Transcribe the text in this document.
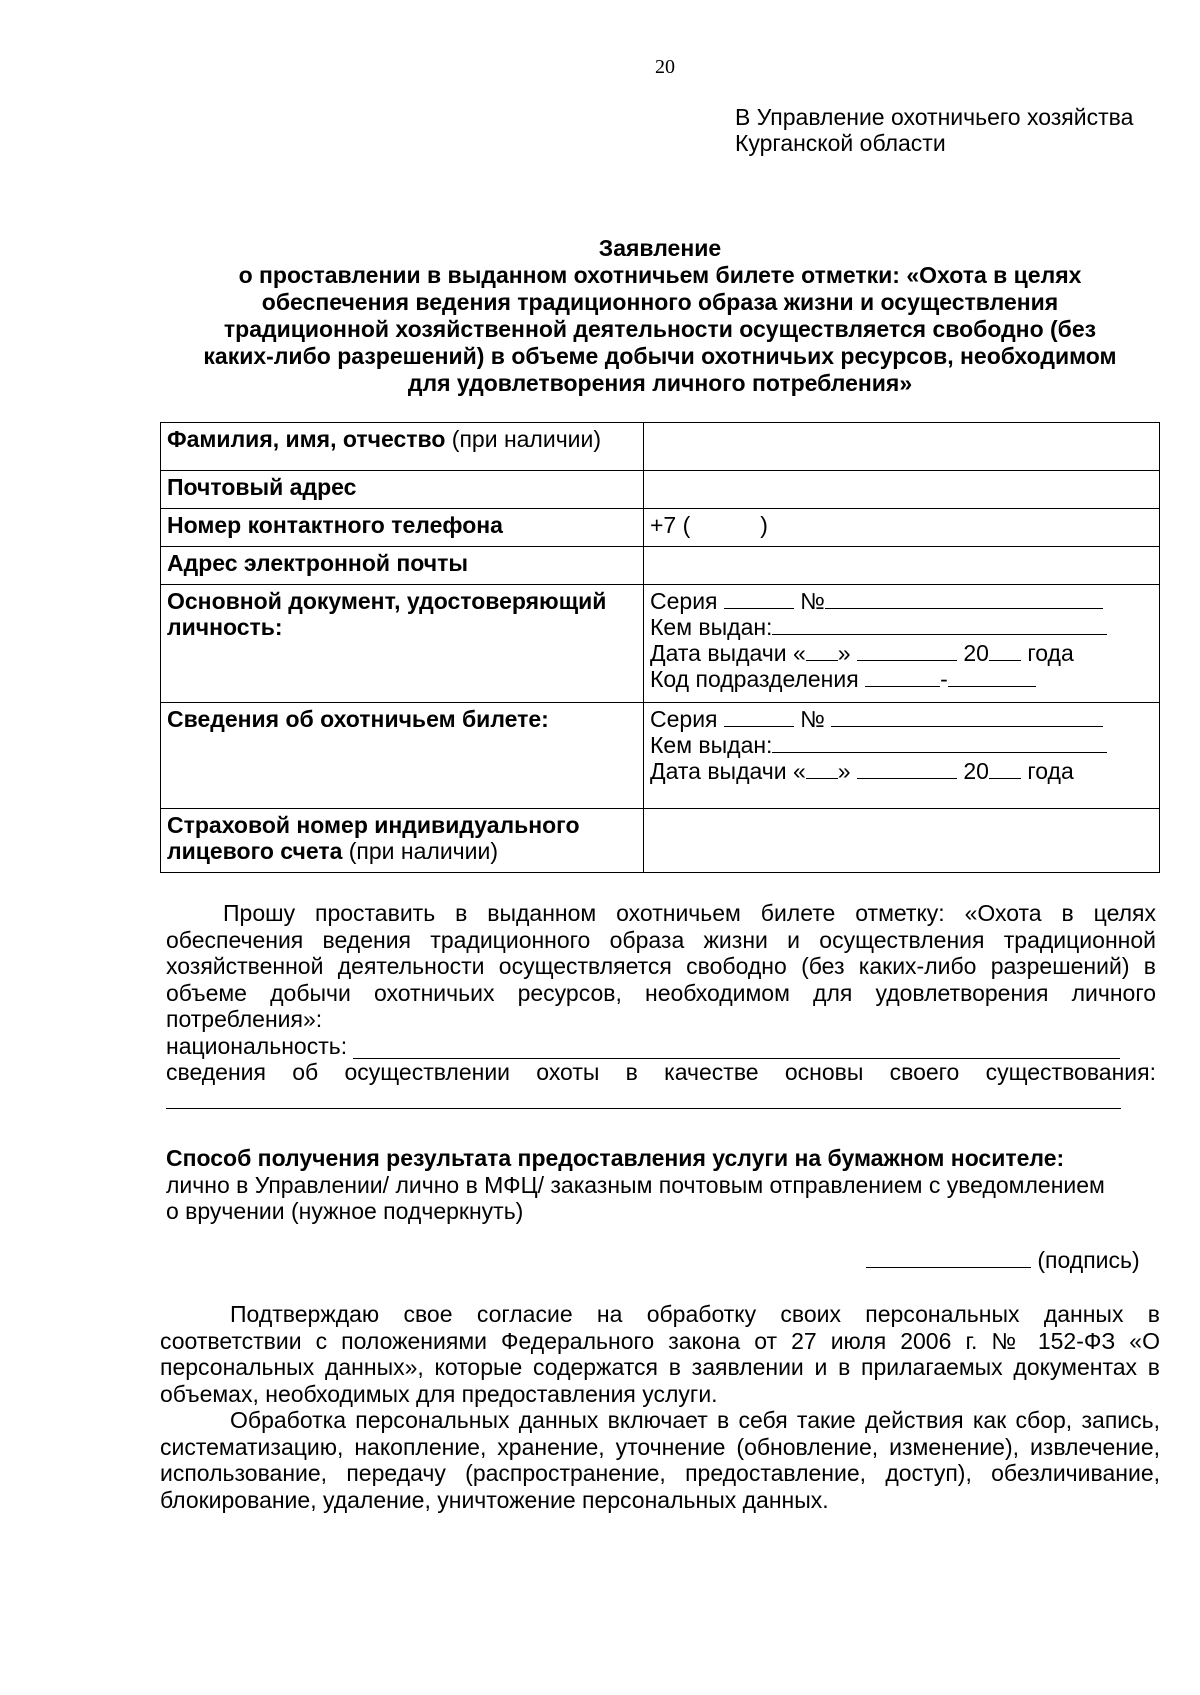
20
В Управление охотничьего хозяйства
Курганской области
Заявление
о проставлении в выданном охотничьем билете отметки: «Охота в целях
обеспечения ведения традиционного образа жизни и осуществления
традиционной хозяйственной деятельности осуществляется свободно (без
каких-либо разрешений) в объеме добычи охотничьих ресурсов, необходимом
для удовлетворения личного потребления»
Фамилия, имя, отчество (при наличии)	
Почтовый адрес	
Номер контактного телефона	+7 ( )
Адрес электронной почты	
Основной документ, удостоверяющий личность:	Серия №
Кем выдан:
Дата выдачи « » 20 года
Код подразделения -

Сведения об охотничьем билете:	Серия №
Кем выдан:
Дата выдачи « » 20 года

Страховой номер индивидуального
лицевого счета (при наличии)	
Прошу проставить в выданном охотничьем билете отметку: «Охота в целях
обеспечения ведения традиционного образа жизни и осуществления традиционной
хозяйственной деятельности осуществляется свободно (без каких-либо разрешений) в
объеме добычи охотничьих ресурсов, необходимом для удовлетворения личного
потребления»:
национальность:
сведения об осуществлении охоты в качестве основы своего существования:
Способ получения результата предоставления услуги на бумажном носителе:
лично в Управлении/ лично в МФЦ/ заказным почтовым отправлением с уведомлением
о вручении (нужное подчеркнуть)
(подпись)

Подтверждаю свое согласие на обработку своих персональных данных в соответствии с положениями Федерального закона от 27 июля 2006 г. № 152-ФЗ «О персональных данных», которые содержатся в заявлении и в прилагаемых документах в объемах, необходимых для предоставления услуги.

Обработка персональных данных включает в себя такие действия как сбор, запись, систематизацию, накопление, хранение, уточнение (обновление, изменение), извлечение, использование, передачу (распространение, предоставление, доступ), обезличивание, блокирование, удаление, уничтожение персональных данных.
